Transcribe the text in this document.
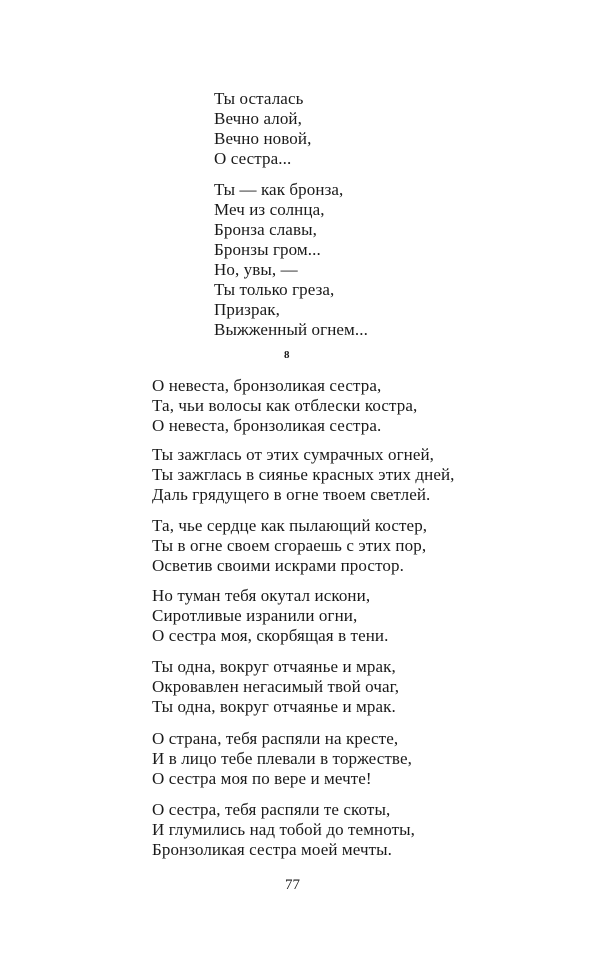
Ты осталась
Вечно алой,
Вечно новой,
О сестра...
Ты — как бронза,
Меч из солнца,
Бронза славы,
Бронзы гром...
Но, увы, —
Ты только греза,
Призрак,
Выжженный огнем...
8
О невеста, бронзоликая сестра,
Та, чьи волосы как отблески костра,
О невеста, бронзоликая сестра.
Ты зажглась от этих сумрачных огней,
Ты зажглась в сиянье красных этих дней,
Даль грядущего в огне твоем светлей.
Та, чье сердце как пылающий костер,
Ты в огне своем сгораешь с этих пор,
Осветив своими искрами простор.
Но туман тебя окутал искони,
Сиротливые изранили огни,
О сестра моя, скорбящая в тени.
Ты одна, вокруг отчаянье и мрак,
Окровавлен негасимый твой очаг,
Ты одна, вокруг отчаянье и мрак.
О страна, тебя распяли на кресте,
И в лицо тебе плевали в торжестве,
О сестра моя по вере и мечте!
О сестра, тебя распяли те скоты,
И глумились над тобой до темноты,
Бронзоликая сестра моей мечты.
77
